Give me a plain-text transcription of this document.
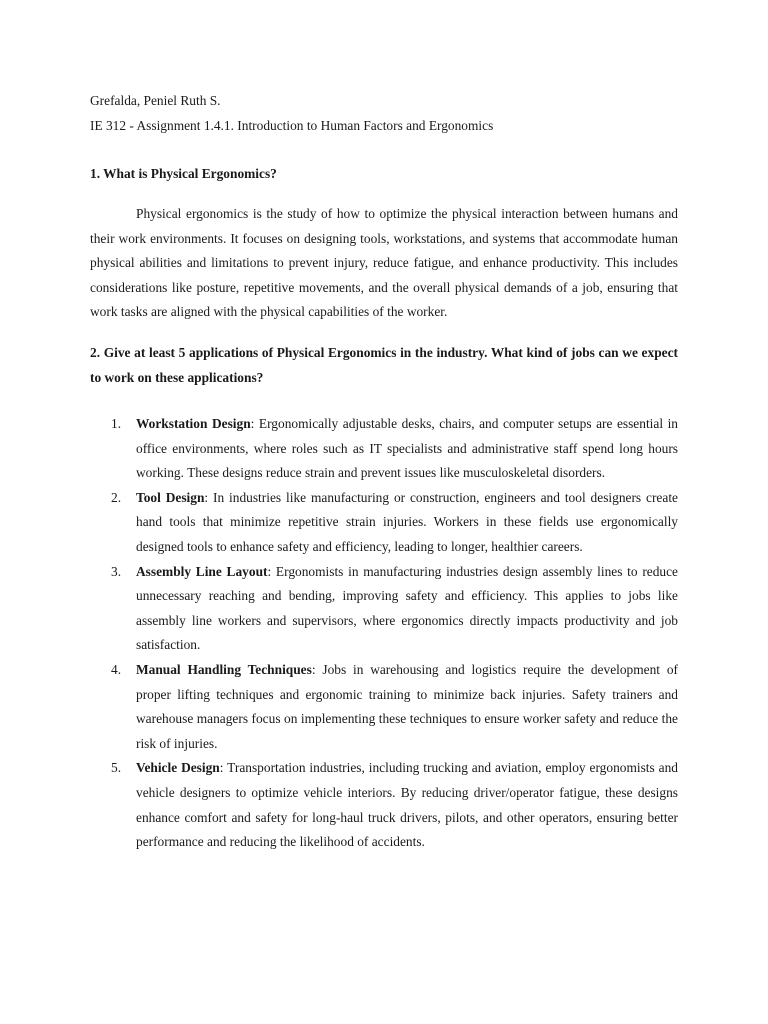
Grefalda, Peniel Ruth S.

IE 312 - Assignment 1.4.1. Introduction to Human Factors and Ergonomics

1. What is Physical Ergonomics?

Physical ergonomics is the study of how to optimize the physical interaction between humans and their work environments. It focuses on designing tools, workstations, and systems that accommodate human physical abilities and limitations to prevent injury, reduce fatigue, and enhance productivity. This includes considerations like posture, repetitive movements, and the overall physical demands of a job, ensuring that work tasks are aligned with the physical capabilities of the worker.

2. Give at least 5 applications of Physical Ergonomics in the industry. What kind of jobs can we expect to work on these applications?

1. Workstation Design: Ergonomically adjustable desks, chairs, and computer setups are essential in office environments, where roles such as IT specialists and administrative staff spend long hours working. These designs reduce strain and prevent issues like musculoskeletal disorders.
2. Tool Design: In industries like manufacturing or construction, engineers and tool designers create hand tools that minimize repetitive strain injuries. Workers in these fields use ergonomically designed tools to enhance safety and efficiency, leading to longer, healthier careers.
3. Assembly Line Layout: Ergonomists in manufacturing industries design assembly lines to reduce unnecessary reaching and bending, improving safety and efficiency. This applies to jobs like assembly line workers and supervisors, where ergonomics directly impacts productivity and job satisfaction.
4. Manual Handling Techniques: Jobs in warehousing and logistics require the development of proper lifting techniques and ergonomic training to minimize back injuries. Safety trainers and warehouse managers focus on implementing these techniques to ensure worker safety and reduce the risk of injuries.
5. Vehicle Design: Transportation industries, including trucking and aviation, employ ergonomists and vehicle designers to optimize vehicle interiors. By reducing driver/operator fatigue, these designs enhance comfort and safety for long-haul truck drivers, pilots, and other operators, ensuring better performance and reducing the likelihood of accidents.
